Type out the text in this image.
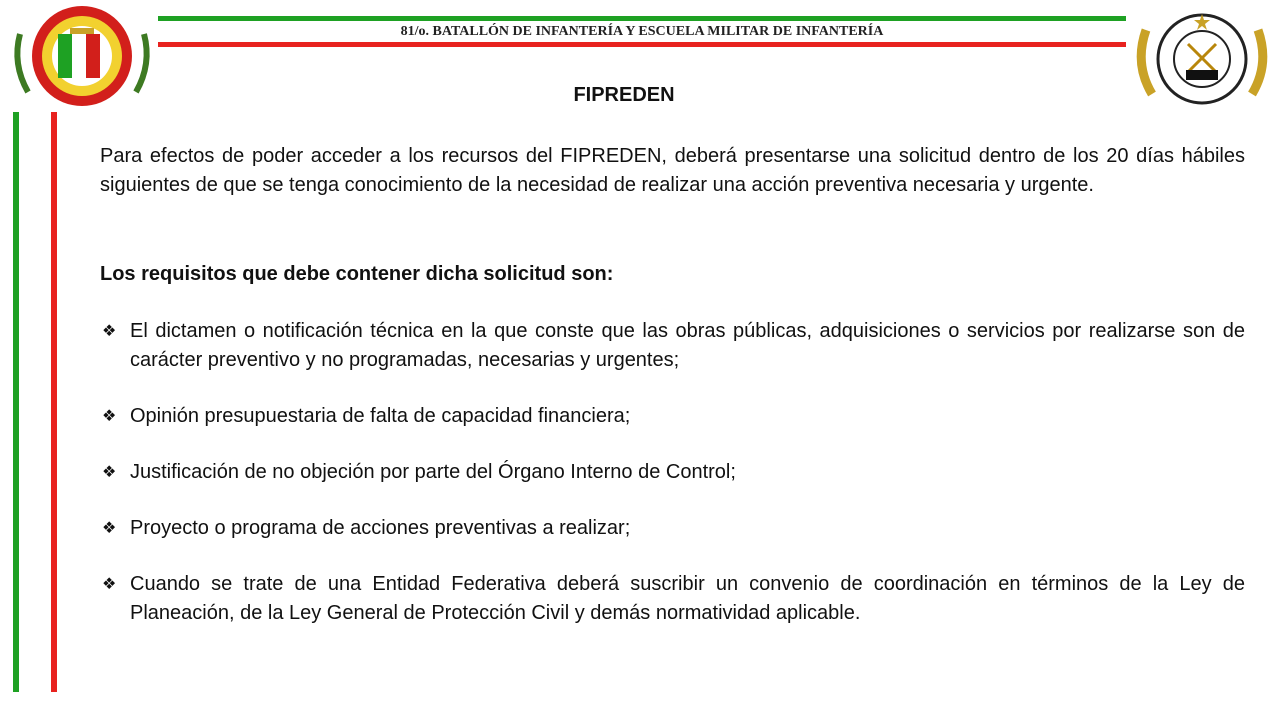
81/o. BATALLÓN DE INFANTERÍA Y ESCUELA MILITAR DE INFANTERÍA
FIPREDEN

Para efectos de poder acceder a los recursos del FIPREDEN, deberá presentarse una solicitud dentro de los 20 días hábiles siguientes de que se tenga conocimiento de la necesidad de realizar una acción preventiva necesaria y urgente.

Los requisitos que debe contener dicha solicitud son:

❖ El dictamen o notificación técnica en la que conste que las obras públicas, adquisiciones o servicios por realizarse son de carácter preventivo y no programadas, necesarias y urgentes;
❖ Opinión presupuestaria de falta de capacidad financiera;
❖ Justificación de no objeción por parte del Órgano Interno de Control;
❖ Proyecto o programa de acciones preventivas a realizar;
❖ Cuando se trate de una Entidad Federativa deberá suscribir un convenio de coordinación en términos de la Ley de Planeación, de la Ley General de Protección Civil y demás normatividad aplicable.
